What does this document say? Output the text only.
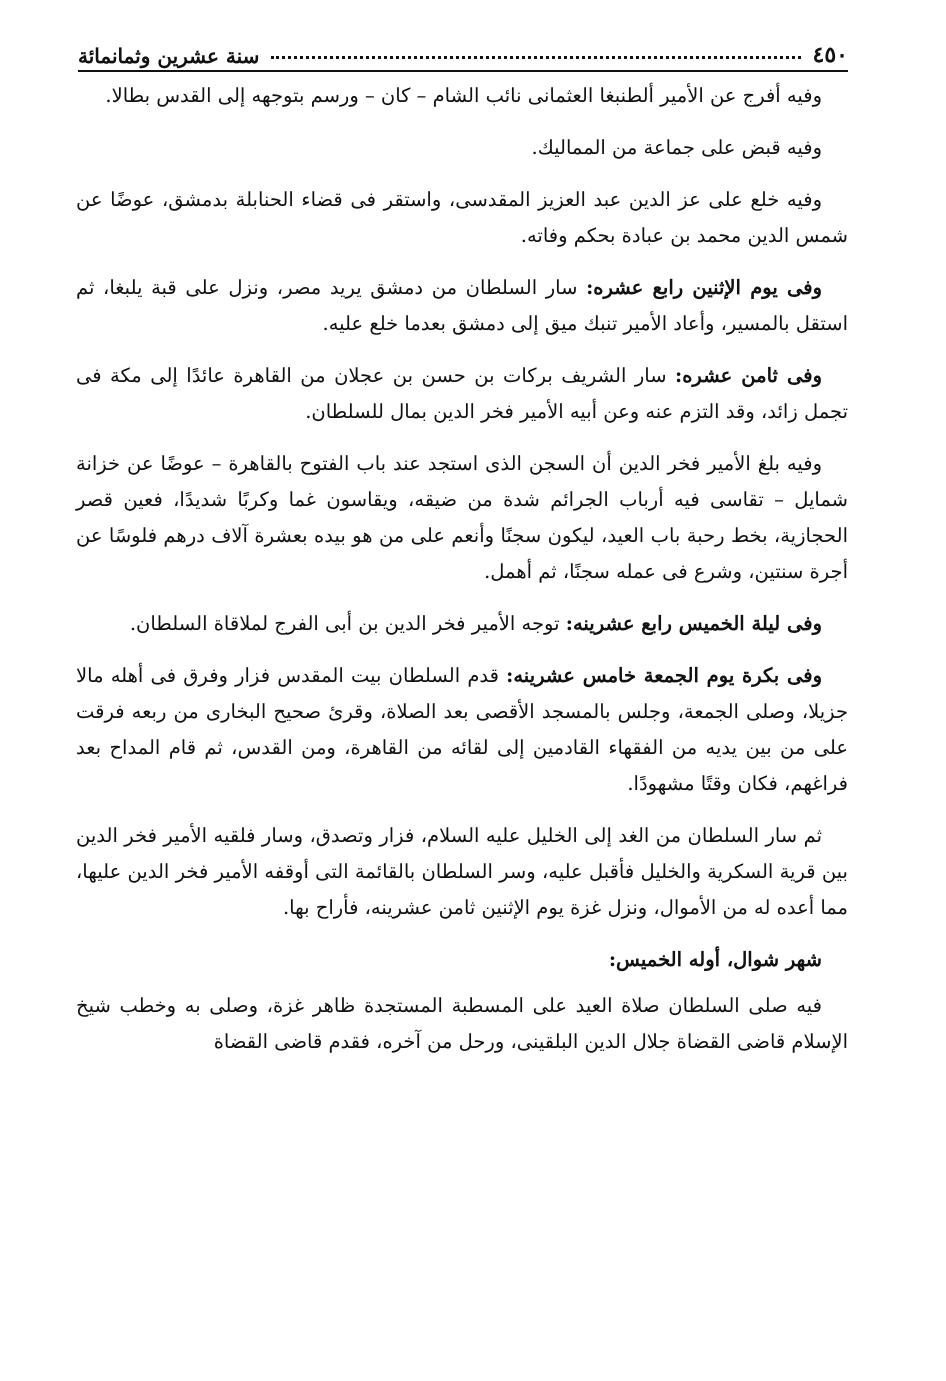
٤٥٠
سنة عشرين وثمانمائة

وفيه أفرج عن الأمير ألطنبغا العثمانى نائب الشام – كان – ورسم بتوجهه إلى القدس بطالا.

وفيه قبض على جماعة من المماليك.

وفيه خلع على عز الدين عبد العزيز المقدسى، واستقر فى قضاء الحنابلة بدمشق، عوضًا عن شمس الدين محمد بن عبادة بحكم وفاته.

وفى يوم الإثنين رابع عشره: سار السلطان من دمشق يريد مصر، ونزل على قبة يلبغا، ثم استقل بالمسير، وأعاد الأمير تنبك ميق إلى دمشق بعدما خلع عليه.

وفى ثامن عشره: سار الشريف بركات بن حسن بن عجلان من القاهرة عائدًا إلى مكة فى تجمل زائد، وقد التزم عنه وعن أبيه الأمير فخر الدين بمال للسلطان.

وفيه بلغ الأمير فخر الدين أن السجن الذى استجد عند باب الفتوح بالقاهرة – عوضًا عن خزانة شمايل – تقاسى فيه أرباب الجرائم شدة من ضيقه، ويقاسون غما وكربًا شديدًا، فعين قصر الحجازية، بخط رحبة باب العيد، ليكون سجنًا وأنعم على من هو بيده بعشرة آلاف درهم فلوسًا عن أجرة سنتين، وشرع فى عمله سجنًا، ثم أهمل.

وفى ليلة الخميس رابع عشرينه: توجه الأمير فخر الدين بن أبى الفرج لملاقاة السلطان.

وفى بكرة يوم الجمعة خامس عشرينه: قدم السلطان بيت المقدس فزار وفرق فى أهله مالا جزيلا، وصلى الجمعة، وجلس بالمسجد الأقصى بعد الصلاة، وقرئ صحيح البخارى من ربعه فرقت على من بين يديه من الفقهاء القادمين إلى لقائه من القاهرة، ومن القدس، ثم قام المداح بعد فراغهم، فكان وقتًا مشهودًا.

ثم سار السلطان من الغد إلى الخليل عليه السلام، فزار وتصدق، وسار فلقيه الأمير فخر الدين بين قرية السكرية والخليل فأقبل عليه، وسر السلطان بالقائمة التى أوقفه الأمير فخر الدين عليها، مما أعده له من الأموال، ونزل غزة يوم الإثنين ثامن عشرينه، فأراح بها.

شهر شوال، أوله الخميس:

فيه صلى السلطان صلاة العيد على المسطبة المستجدة ظاهر غزة، وصلى به وخطب شيخ الإسلام قاضى القضاة جلال الدين البلقينى، ورحل من آخره، فقدم قاضى القضاة
